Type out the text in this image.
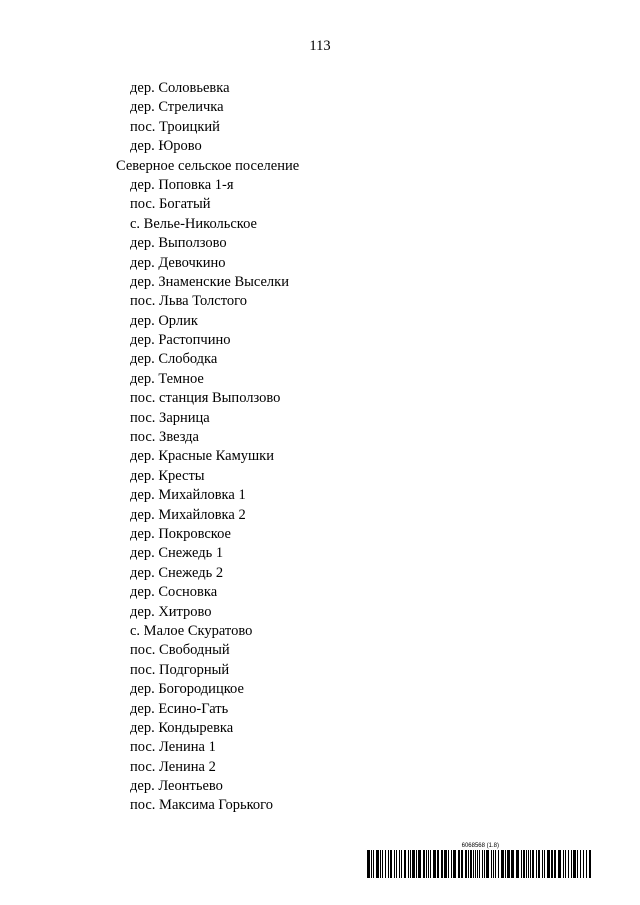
113
дер. Соловьевка
дер. Стреличка
пос. Троицкий
дер. Юрово
Северное сельское поселение
дер. Поповка 1-я
пос. Богатый
с. Велье-Никольское
дер. Выползово
дер. Девочкино
дер. Знаменские Выселки
пос. Льва Толстого
дер. Орлик
дер. Растопчино
дер. Слободка
дер. Темное
пос. станция Выползово
пос. Зарница
пос. Звезда
дер. Красные Камушки
дер. Кресты
дер. Михайловка 1
дер. Михайловка 2
дер. Покровское
дер. Снежедь 1
дер. Снежедь 2
дер. Сосновка
дер. Хитрово
с. Малое Скуратово
пос. Свободный
пос. Подгорный
дер. Богородицкое
дер. Есино-Гать
дер. Кондыревка
пос. Ленина 1
пос. Ленина 2
дер. Леонтьево
пос. Максима Горького
6068568 (1.8)
